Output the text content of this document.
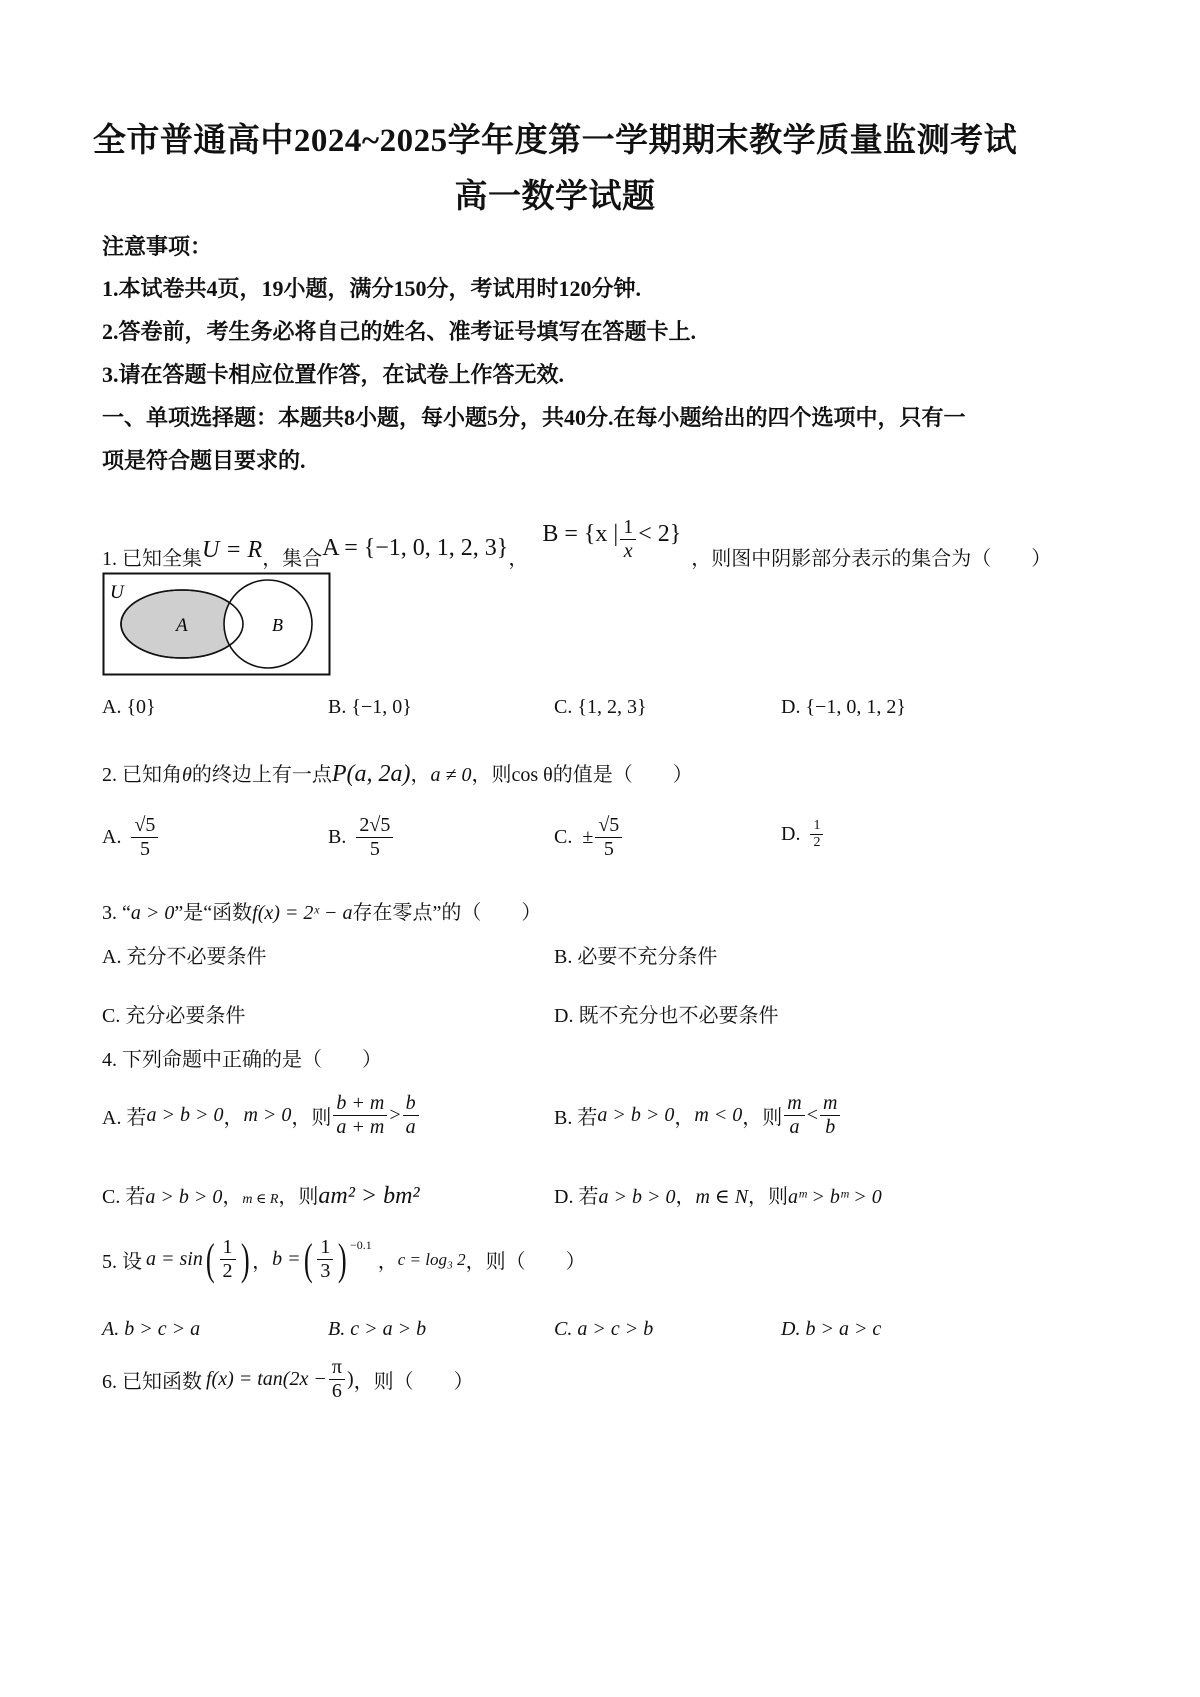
全市普通高中2024~2025学年度第一学期期末教学质量监测考试
高一数学试题
注意事项：
1.本试卷共4页，19小题，满分150分，考试用时120分钟.
2.答卷前，考生务必将自己的姓名、准考证号填写在答题卡上.
3.请在答题卡相应位置作答，在试卷上作答无效.
一、单项选择题：本题共8小题，每小题5分，共40分.在每小题给出的四个选项中，只有一
项是符合题目要求的.
1. 已知全集 U = R ，集合 A = {−1, 0, 1, 2, 3} ，
B = {x | $\frac{1}{x} < 2$}
，则图中阴影部分表示的集合为（　　）
U
A	B
A. {0}	B. {−1, 0}	C. {1, 2, 3}	D. {−1, 0, 1, 2}
2. 已知角θ的终边上有一点P(a, 2a)，a ≠ 0，则cos θ的值是（　　）
A. $\frac{√5}{5}$	B. $\frac{2√5}{5}$	C. ± $\frac{√5}{5}$	D. $\frac{1}{2}$
3. “a > 0”是“函数f(x) = 2ˣ − a存在零点”的（　　）
A. 充分不必要条件	B. 必要不充分条件
C. 充分必要条件	D. 既不充分也不必要条件
4. 下列命题中正确的是（　　）
A. 若 a > b > 0 ， m > 0 ，则 $\frac{b + m}{a + m} > \frac{b}{a}$	B. 若 a > b > 0 ， m < 0 ，则 $\frac{m}{a} < \frac{m}{b}$
C. 若a > b > 0，m ∈ R，则am² > bm²	D. 若a > b > 0，m ∈ N，则aᵐ > bᵐ > 0
5. 设 a = sin ( $\frac{1}{2}$ ) ， b = ( $\frac{1}{3}$ ) −0.1
， c = log₃ 2 ，则（　　）
A. b > c > a	B. c > a > b	C. a > c > b	D. b > a > c
6. 已知函数 $f(x) = \tan(2x - \frac{\pi}{6}$ ) ，则（　　）
